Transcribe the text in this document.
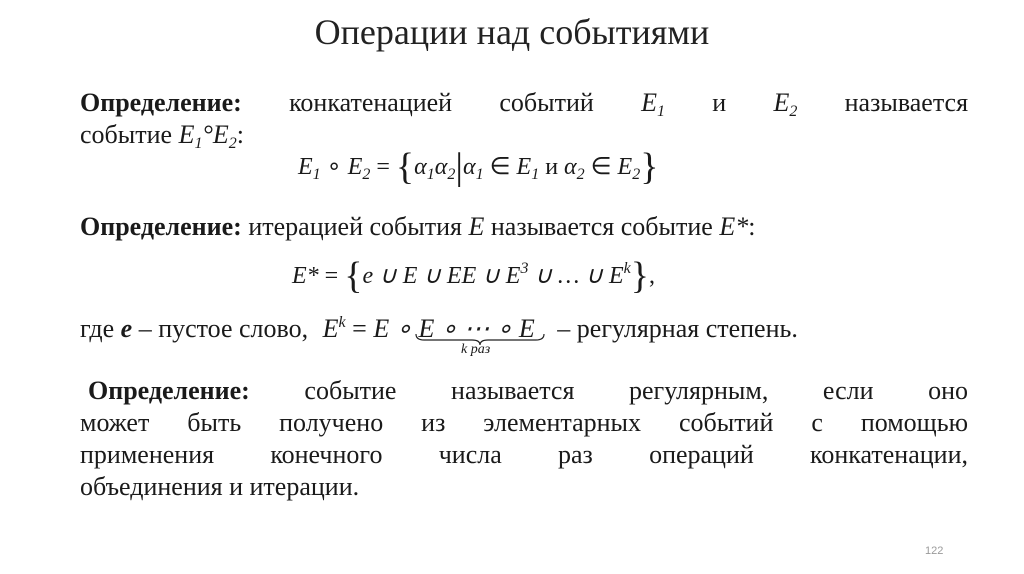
Операции над событиями
Определение: конкатенацией событий $E_1$ и $E_2$ называется
событие $E_1^\circ E_2$:
$E_1$ ∘ $E_2 = \{\alpha_1\alpha_2|\alpha_1$ ∈ $E_1$ и $\alpha_2$ ∈ $E_2$}
Определение: итерацией события E называется событие E*:
E* = {e ∪ E ∪ EE ∪ $E^3$ ∪ … ∪ $E^k$},
где e – пустое слово, $E^k = E$ ∘ E ∘ ⋯ ∘ E – регулярная степень.
k раз
Определение: событие называется регулярным, если оно
может быть получено из элементарных событий с помощью
применения конечного числа раз операций конкатенации,
объединения и итерации.
122
